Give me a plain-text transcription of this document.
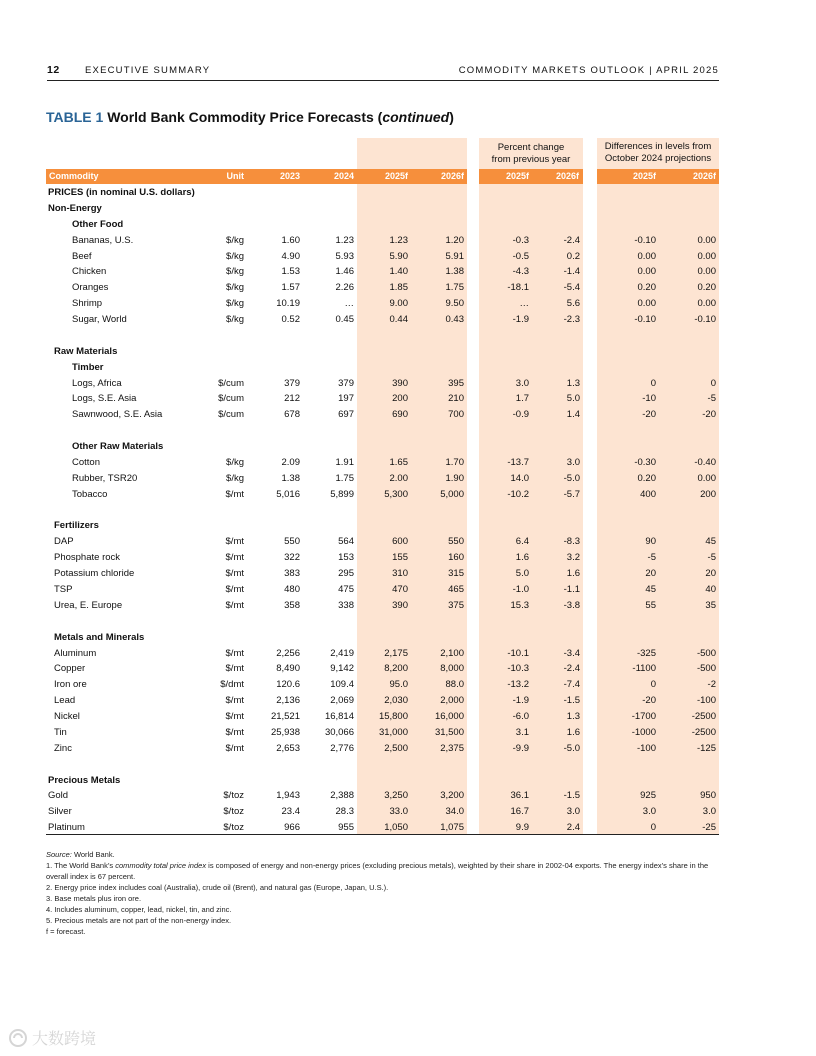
12	EXECUTIVE SUMMARY	COMMODITY MARKETS OUTLOOK | APRIL 2025
TABLE 1 World Bank Commodity Price Forecasts (continued)
Percent change
from previous year
Differences in levels from
October 2024 projections
Commodity	Unit	2023	2024	2025f	2026f	2025f	2026f	2025f	2026f
PRICES (in nominal U.S. dollars)
Non-Energy
Other Food
Bananas, U.S.	$/kg	1.60	1.23	1.23	1.20	-0.3	-2.4	-0.10	0.00
Beef	$/kg	4.90	5.93	5.90	5.91	-0.5	0.2	0.00	0.00
Chicken	$/kg	1.53	1.46	1.40	1.38	-4.3	-1.4	0.00	0.00
Oranges	$/kg	1.57	2.26	1.85	1.75	-18.1	-5.4	0.20	0.20
Shrimp	$/kg	10.19	…	9.00	9.50	…	5.6	0.00	0.00
Sugar, World	$/kg	0.52	0.45	0.44	0.43	-1.9	-2.3	-0.10	-0.10
Raw Materials
Timber
Logs, Africa	$/cum	379	379	390	395	3.0	1.3	0	0
Logs, S.E. Asia	$/cum	212	197	200	210	1.7	5.0	-10	-5
Sawnwood, S.E. Asia	$/cum	678	697	690	700	-0.9	1.4	-20	-20
Other Raw Materials
Cotton	$/kg	2.09	1.91	1.65	1.70	-13.7	3.0	-0.30	-0.40
Rubber, TSR20	$/kg	1.38	1.75	2.00	1.90	14.0	-5.0	0.20	0.00
Tobacco	$/mt	5,016	5,899	5,300	5,000	-10.2	-5.7	400	200
Fertilizers
DAP	$/mt	550	564	600	550	6.4	-8.3	90	45
Phosphate rock	$/mt	322	153	155	160	1.6	3.2	-5	-5
Potassium chloride	$/mt	383	295	310	315	5.0	1.6	20	20
TSP	$/mt	480	475	470	465	-1.0	-1.1	45	40
Urea, E. Europe	$/mt	358	338	390	375	15.3	-3.8	55	35
Metals and Minerals
Aluminum	$/mt	2,256	2,419	2,175	2,100	-10.1	-3.4	-325	-500
Copper	$/mt	8,490	9,142	8,200	8,000	-10.3	-2.4	-1100	-500
Iron ore	$/dmt	120.6	109.4	95.0	88.0	-13.2	-7.4	0	-2
Lead	$/mt	2,136	2,069	2,030	2,000	-1.9	-1.5	-20	-100
Nickel	$/mt	21,521	16,814	15,800	16,000	-6.0	1.3	-1700	-2500
Tin	$/mt	25,938	30,066	31,000	31,500	3.1	1.6	-1000	-2500
Zinc	$/mt	2,653	2,776	2,500	2,375	-9.9	-5.0	-100	-125
Precious Metals
Gold	$/toz	1,943	2,388	3,250	3,200	36.1	-1.5	925	950
Silver	$/toz	23.4	28.3	33.0	34.0	16.7	3.0	3.0	3.0
Platinum	$/toz	966	955	1,050	1,075	9.9	2.4	0	-25
Source: World Bank.
1. The World Bank’s commodity total price index is composed of energy and non-energy prices (excluding precious metals), weighted by their share in 2002-04 exports. The energy index’s share in the overall index is 67 percent.
2. Energy price index includes coal (Australia), crude oil (Brent), and natural gas (Europe, Japan, U.S.).
3. Base metals plus iron ore.
4. Includes aluminum, copper, lead, nickel, tin, and zinc.
5. Precious metals are not part of the non-energy index.
f = forecast.
大数跨境
